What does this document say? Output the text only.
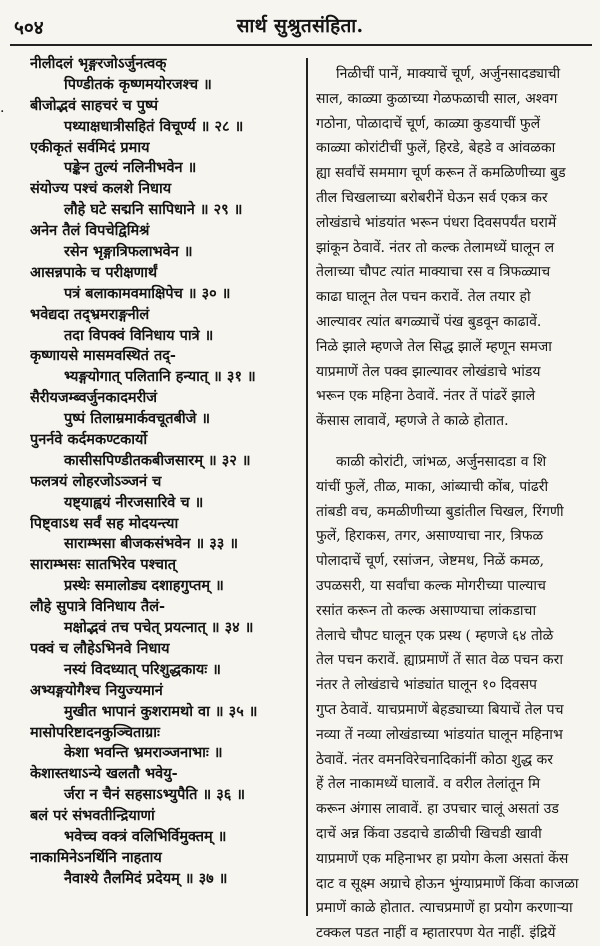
५०४	सार्थ सुश्रुतसंहिता.
.
नीलीदलं भृङ्गरजोऽर्जुनत्वक्
पिण्डीतकं कृष्णमयोरजश्च ॥
बीजोद्भवं साहचरं च पुष्पं
पथ्याक्षधात्रीसहितं विचूर्ण्य ॥ २८ ॥
एकीकृतं सर्वमिदं प्रमाय
पङ्केन तुल्यं नलिनीभवेन ॥
संयोज्य पश्चं कलशे निधाय
लौहे घटे सद्मनि सापिधाने ॥ २९ ॥
अनेन तैलं विपचेद्विमिश्रं
रसेन भृङ्गात्रिफलाभवेन ॥
आसन्नपाके च परीक्षणार्थं
पत्रं बलाकामवमाक्षिपेच ॥ ३० ॥
भवेद्यदा तद्भ्रमराङ्गनीलं
तदा विपक्वं विनिधाय पात्रे ॥
कृष्णायसे मासमवस्थितं तद्-
भ्यङ्गयोगात् पलितानि हन्यात् ॥ ३१ ॥
सैरीयजम्ब्वर्जुनकादमरीजं
पुष्पं तिलाम्रमार्कवचूतबीजे ॥
पुनर्नवे कर्दमकण्टकार्यो
कासीसपिण्डीतकबीजसारम् ॥ ३२ ॥
फलत्रयं लोहरजोऽञ्जनं च
यष्ट्याह्वयं नीरजसारिवे च ॥
पिष्ट्वाऽथ सर्वं सह मोदयन्त्या
साराम्भसा बीजकसंभवेन ॥ ३३ ॥
साराम्भसः सातभिरेव पश्चात्
प्रस्थेः समालोड्य दशाहगुप्तम् ॥
लौहे सुपात्रे विनिधाय तैलं-
मक्षोद्भवं तच पचेत् प्रयत्नात् ॥ ३४ ॥
पक्वं च लौहेऽभिनवे निधाय
नस्यं विदध्यात् परिशुद्धकायः ॥
अभ्यङ्गयोगैश्च नियुज्यमानं
मुखीत भापानं कुशरामथो वा ॥ ३५ ॥
मासोपरिष्टादनकुञ्चिताग्राः
केशा भवन्ति भ्रमराञ्जनाभाः ॥
केशास्तथाऽन्ये खलतौ भवेयु-
र्जरा न चैनं सहसाऽभ्युपैति ॥ ३६ ॥
बलं परं संभवतीन्द्रियाणां
भवेच्च वक्त्रं वलिभिर्विमुक्तम् ॥
नाकामिनेऽनर्थिनि नाहताय
नैवाश्ये तैलमिदं प्रदेयम् ॥ ३७ ॥
निळीचीं पानें, माक्याचें चूर्ण, अर्जुनसादड्याची
साल, काळ्या कुळाच्या गेळफळाची साल, अश्वग
गठोना, पोळादाचें चूर्ण, काळ्या कुडयाचीं फुलें
काळ्या कोरांटीचीं फुलें, हिरडे, बेहडे व आंवळका
ह्या सर्वांचें सममाग चूर्ण करून तें कमळिणीच्या बुड
तील चिखलाच्या बरोबरीनें घेऊन सर्व एकत्र कर
लोखंडाचे भांडयांत भरून पंधरा दिवसपर्यंत घरामें
झांकून ठेवावें. नंतर तो कल्क तेलामध्यें घालून ल
तेलाच्या चौपट त्यांत माक्याचा रस व त्रिफळ्याच
काढा घालून तेल पचन करावें. तेल तयार हो
आल्यावर त्यांत बगळ्याचें पंख बुडवून काढावें.
निळे झाले म्हणजे तेल सिद्ध झालें म्हणून समजा
याप्रमाणें तेल पक्व झाल्यावर लोखंडाचे भांडय
भरून एक महिना ठेवावें. नंतर तें पांढरें झाले
केंसास लावावें, म्हणजे ते काळे होतात.
काळी कोरांटी, जांभळ, अर्जुनसादडा व शि
यांचीं फुलें, तीळ, माका, आंब्याची कोंब, पांढरी
तांबडी वच, कमळीणीच्या बुडांतील चिखल, रिंगणी
फुलें, हिराकस, तगर, असाण्याचा नार, त्रिफळ
पोलादाचें चूर्ण, रसांजन, जेष्टमध, निळें कमळ,
उपळसरी, या सर्वांचा कल्क मोगरीच्या पाल्याच
रसांत करून तो कल्क असाण्याचा लांकडाचा
तेलाचे चौपट घालून एक प्रस्थ ( म्हणजे ६४ तोळे
तेल पचन करावें. ह्याप्रमाणें तें सात वेळ पचन करा
नंतर ते लोखंडाचे भांड्यांत घालून १० दिवसप
गुप्त ठेवावें. याचप्रमाणें बेहड्याच्या बियाचें तेल पच
नव्या तें नव्या लोखंडाच्या भांडयांत घालून महिनाभ
ठेवावें. नंतर वमनविरेचनादिकांनीं कोठा शुद्ध कर
हें तेल नाकामध्यें घालावें. व वरील तेलांतून मि
करून अंगास लावावें. हा उपचार चालूं असतां उड
दाचें अन्न किंवा उडदाचे डाळीची खिचडी खावी
याप्रमाणें एक महिनाभर हा प्रयोग केला असतां केंस
दाट व सूक्ष्म अग्राचे होऊन भुंग्याप्रमाणें किंवा काजळा
प्रमाणें काळे होतात. त्याचप्रमाणें हा प्रयोग करणाऱ्या
टक्कल पडत नाहीं व म्हातारपण येत नाहीं. इंद्रियें
